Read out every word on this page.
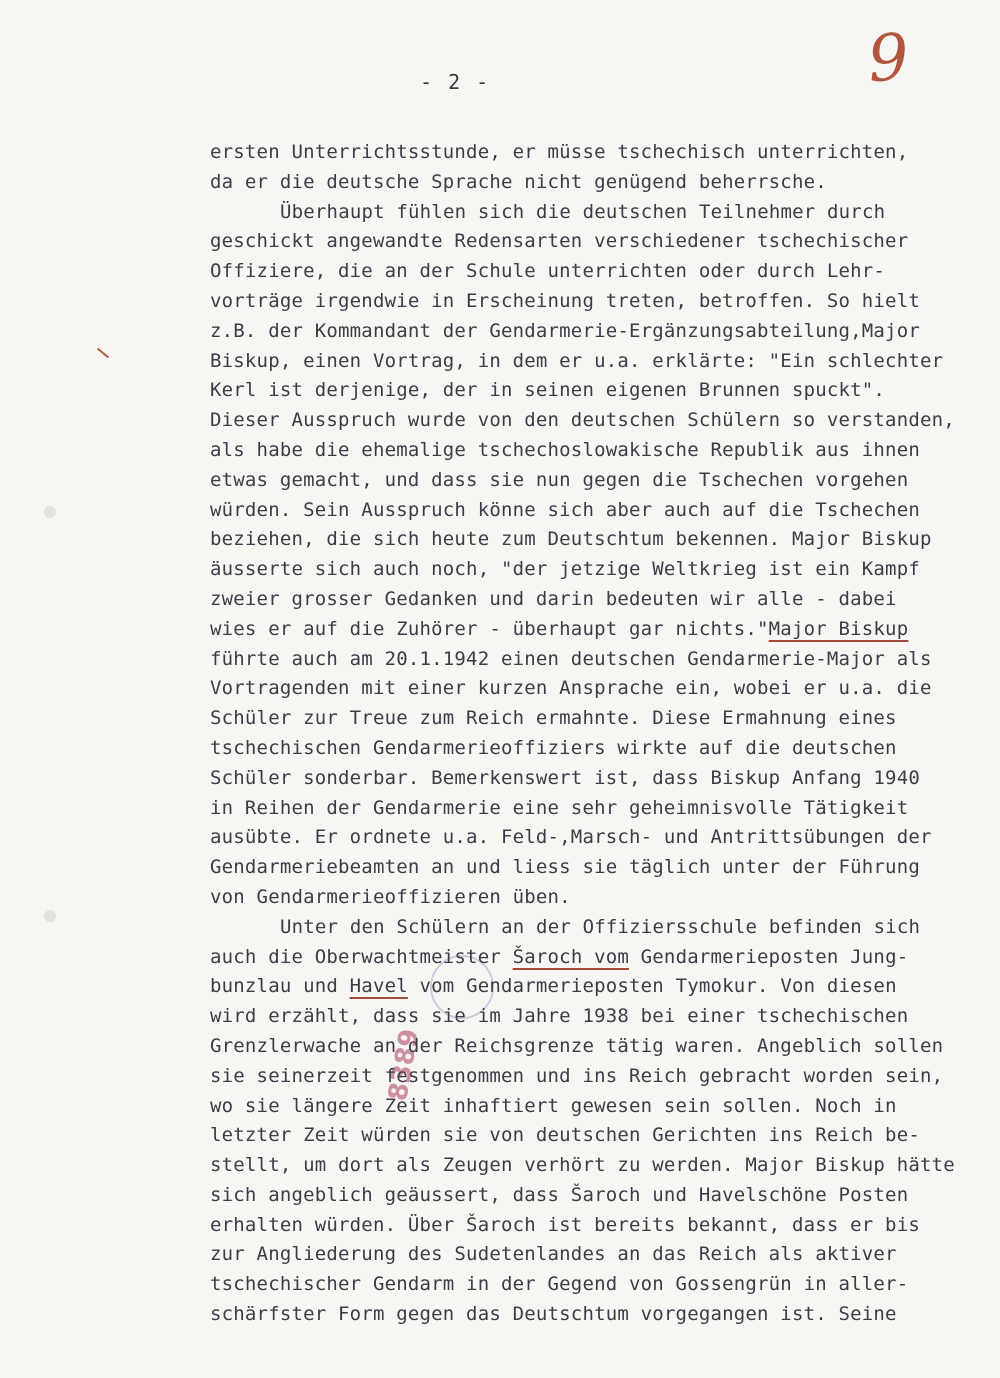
- 2 -	9
8389
ersten Unterrichtsstunde, er müsse tschechisch unterrichten,
da er die deutsche Sprache nicht genügend beherrsche.
Überhaupt fühlen sich die deutschen Teilnehmer durch
geschickt angewandte Redensarten verschiedener tschechischer
Offiziere, die an der Schule unterrichten oder durch Lehr-
vorträge irgendwie in Erscheinung treten, betroffen. So hielt
z.B. der Kommandant der Gendarmerie-Ergänzungsabteilung,Major
Biskup, einen Vortrag, in dem er u.a. erklärte: "Ein schlechter
Kerl ist derjenige, der in seinen eigenen Brunnen spuckt".
Dieser Ausspruch wurde von den deutschen Schülern so verstanden,
als habe die ehemalige tschechoslowakische Republik aus ihnen
etwas gemacht, und dass sie nun gegen die Tschechen vorgehen
würden. Sein Ausspruch könne sich aber auch auf die Tschechen
beziehen, die sich heute zum Deutschtum bekennen. Major Biskup
äusserte sich auch noch, "der jetzige Weltkrieg ist ein Kampf
zweier grosser Gedanken und darin bedeuten wir alle - dabei
wies er auf die Zuhörer - überhaupt gar nichts."Major Biskup
führte auch am 20.1.1942 einen deutschen Gendarmerie-Major als
Vortragenden mit einer kurzen Ansprache ein, wobei er u.a. die
Schüler zur Treue zum Reich ermahnte. Diese Ermahnung eines
tschechischen Gendarmerieoffiziers wirkte auf die deutschen
Schüler sonderbar. Bemerkenswert ist, dass Biskup Anfang 1940
in Reihen der Gendarmerie eine sehr geheimnisvolle Tätigkeit
ausübte. Er ordnete u.a. Feld-,Marsch- und Antrittsübungen der
Gendarmeriebeamten an und liess sie täglich unter der Führung
von Gendarmerieoffizieren üben.
Unter den Schülern an der Offiziersschule befinden sich
auch die Oberwachtmeister Šaroch vom Gendarmerieposten Jung-
bunzlau und Havel vom Gendarmerieposten Tymokur. Von diesen
wird erzählt, dass sie im Jahre 1938 bei einer tschechischen
Grenzlerwache an der Reichsgrenze tätig waren. Angeblich sollen
sie seinerzeit festgenommen und ins Reich gebracht worden sein,
wo sie längere Zeit inhaftiert gewesen sein sollen. Noch in
letzter Zeit würden sie von deutschen Gerichten ins Reich be-
stellt, um dort als Zeugen verhört zu werden. Major Biskup hätte
sich angeblich geäussert, dass Šaroch und Havelschöne Posten
erhalten würden. Über Šaroch ist bereits bekannt, dass er bis
zur Angliederung des Sudetenlandes an das Reich als aktiver
tschechischer Gendarm in der Gegend von Gossengrün in aller-
schärfster Form gegen das Deutschtum vorgegangen ist. Seine
